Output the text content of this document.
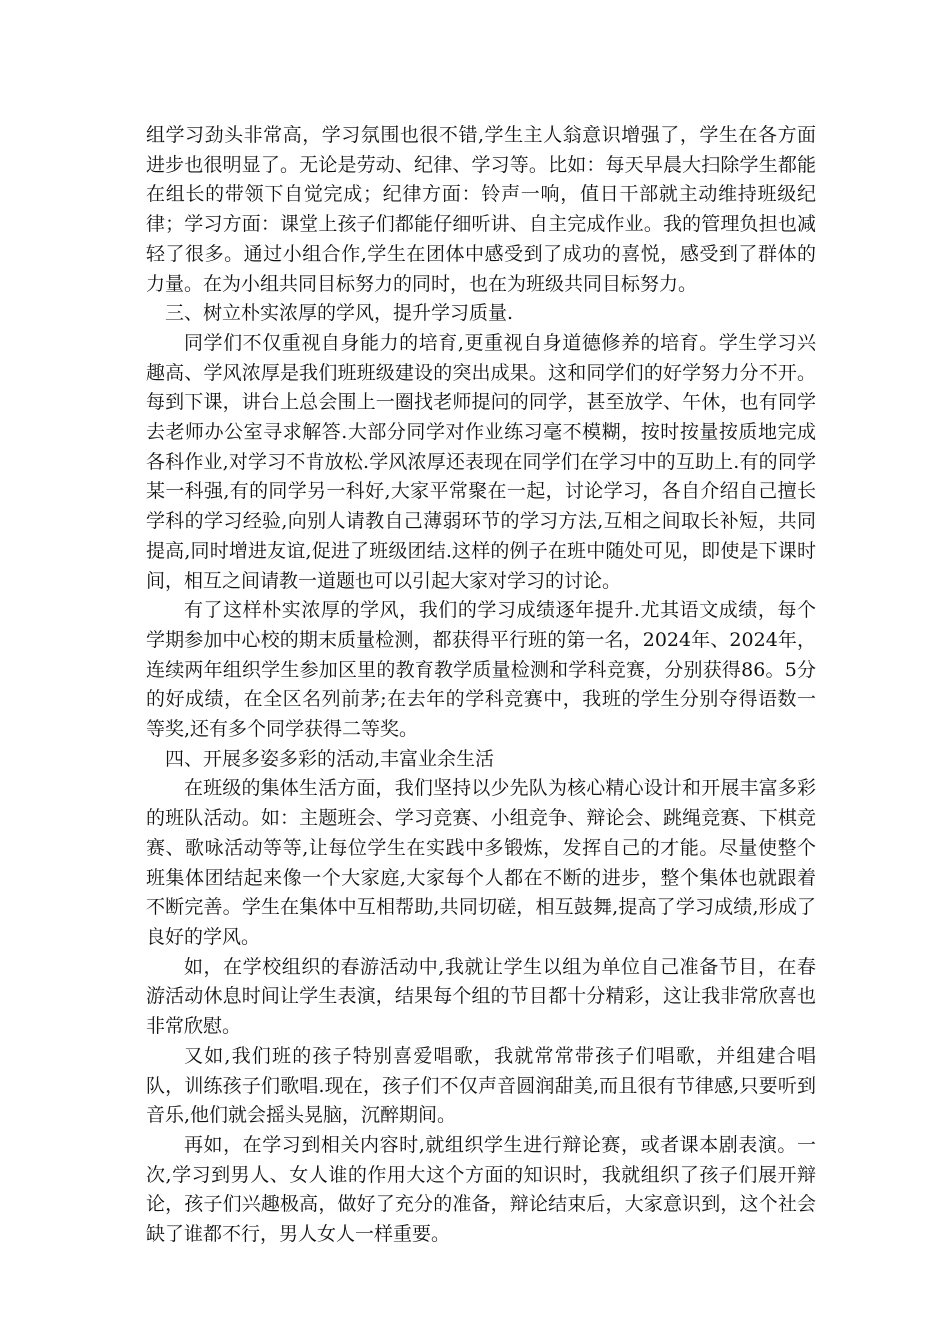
组学习劲头非常高，学习氛围也很不错,学生主人翁意识增强了，学生在各方面进步也很明显了。无论是劳动、纪律、学习等。比如：每天早晨大扫除学生都能在组长的带领下自觉完成；纪律方面：铃声一响，值日干部就主动维持班级纪律；学习方面：课堂上孩子们都能仔细听讲、自主完成作业。我的管理负担也减轻了很多。通过小组合作,学生在团体中感受到了成功的喜悦，感受到了群体的力量。在为小组共同目标努力的同时，也在为班级共同目标努力。

三、树立朴实浓厚的学风，提升学习质量.

同学们不仅重视自身能力的培育,更重视自身道德修养的培育。学生学习兴趣高、学风浓厚是我们班班级建设的突出成果。这和同学们的好学努力分不开。每到下课，讲台上总会围上一圈找老师提问的同学，甚至放学、午休，也有同学去老师办公室寻求解答.大部分同学对作业练习毫不模糊，按时按量按质地完成各科作业,对学习不肯放松.学风浓厚还表现在同学们在学习中的互助上.有的同学某一科强,有的同学另一科好,大家平常聚在一起，讨论学习，各自介绍自己擅长学科的学习经验,向别人请教自己薄弱环节的学习方法,互相之间取长补短，共同提高,同时增进友谊,促进了班级团结.这样的例子在班中随处可见，即使是下课时间，相互之间请教一道题也可以引起大家对学习的讨论。

有了这样朴实浓厚的学风，我们的学习成绩逐年提升.尤其语文成绩，每个学期参加中心校的期末质量检测，都获得平行班的第一名，2024年、2024年，连续两年组织学生参加区里的教育教学质量检测和学科竞赛，分别获得86。5分的好成绩，在全区名列前茅;在去年的学科竞赛中，我班的学生分别夺得语数一等奖,还有多个同学获得二等奖。

四、开展多姿多彩的活动,丰富业余生活

在班级的集体生活方面，我们坚持以少先队为核心精心设计和开展丰富多彩的班队活动。如：主题班会、学习竞赛、小组竞争、辩论会、跳绳竞赛、下棋竞赛、歌咏活动等等,让每位学生在实践中多锻炼，发挥自己的才能。尽量使整个班集体团结起来像一个大家庭,大家每个人都在不断的进步，整个集体也就跟着不断完善。学生在集体中互相帮助,共同切磋，相互鼓舞,提高了学习成绩,形成了良好的学风。

如，在学校组织的春游活动中,我就让学生以组为单位自己准备节目，在春游活动休息时间让学生表演，结果每个组的节目都十分精彩，这让我非常欣喜也非常欣慰。

又如,我们班的孩子特别喜爱唱歌，我就常常带孩子们唱歌，并组建合唱队，训练孩子们歌唱.现在，孩子们不仅声音圆润甜美,而且很有节律感,只要听到音乐,他们就会摇头晃脑，沉醉期间。

再如，在学习到相关内容时,就组织学生进行辩论赛，或者课本剧表演。一次,学习到男人、女人谁的作用大这个方面的知识时，我就组织了孩子们展开辩论，孩子们兴趣极高，做好了充分的准备，辩论结束后，大家意识到，这个社会缺了谁都不行，男人女人一样重要。
